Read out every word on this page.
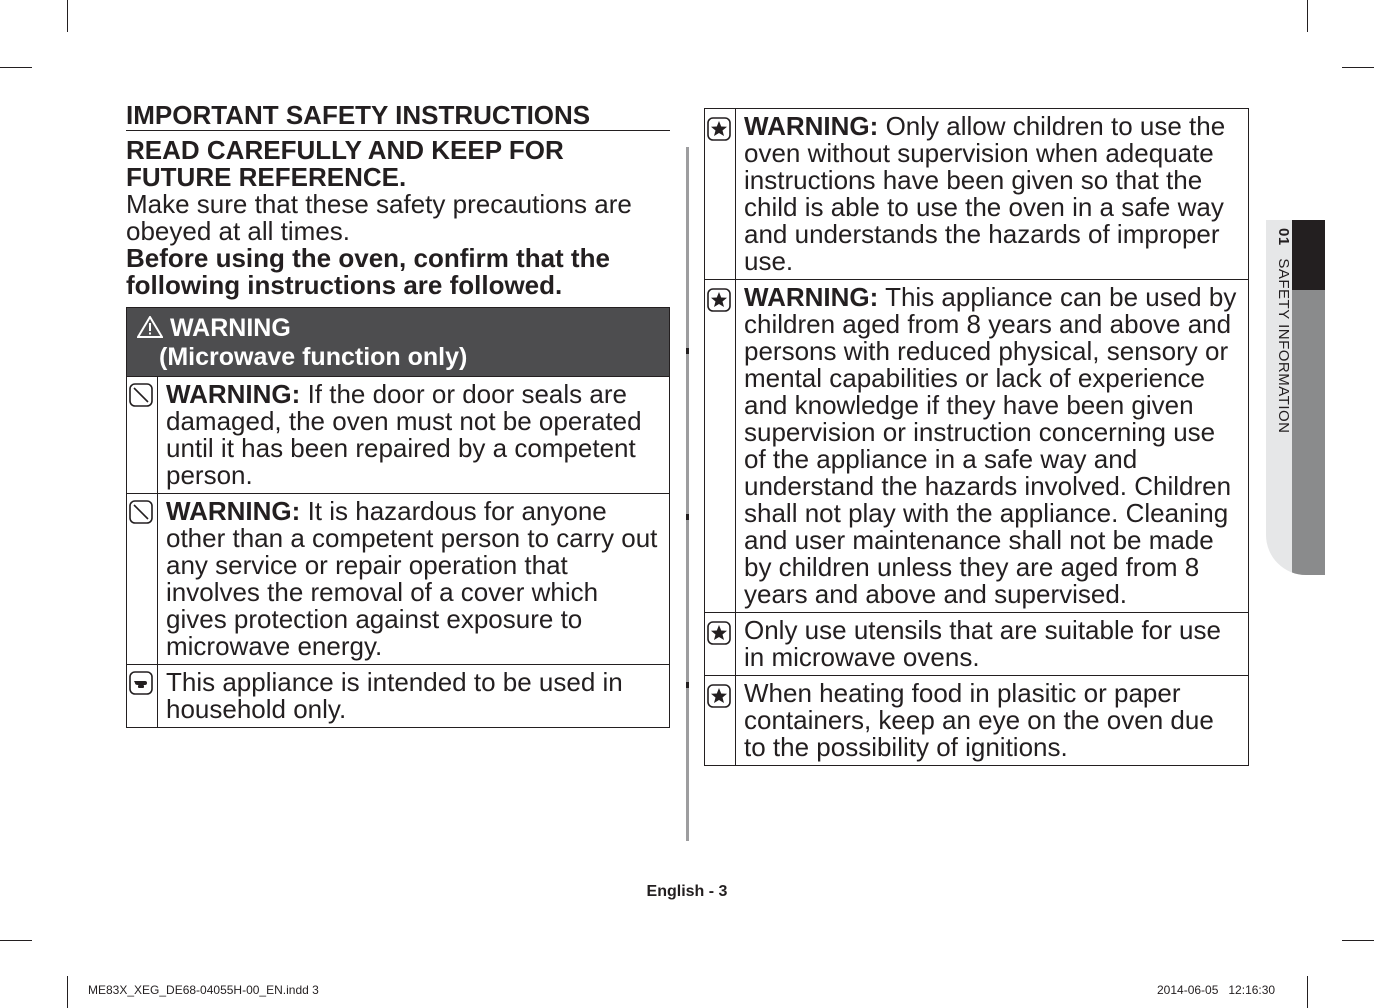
IMPORTANT SAFETY INSTRUCTIONS
READ CAREFULLY AND KEEP FOR FUTURE REFERENCE.
Make sure that these safety precautions are obeyed at all times.
Before using the oven, confirm that the following instructions are followed.
WARNING
(Microwave function only)	

	WARNING: If the door or door seals are damaged, the oven must not be operated until it has been repaired by a competent person.
	WARNING: It is hazardous for anyone other than a competent person to carry out any service or repair operation that involves the removal of a cover which gives protection against exposure to microwave energy.
	This appliance is intended to be used in household only.
	WARNING: Only allow children to use the oven without supervision when adequate instructions have been given so that the child is able to use the oven in a safe way and understands the hazards of improper use.
	WARNING: This appliance can be used by children aged from 8 years and above and persons with reduced physical, sensory or mental capabilities or lack of experience and knowledge if they have been given supervision or instruction concerning use of the appliance in a safe way and understand the hazards involved. Children shall not play with the appliance. Cleaning and user maintenance shall not be made by children unless they are aged from 8 years and above and supervised.
	Only use utensils that are suitable for use in microwave ovens.
	When heating food in plasitic or paper containers, keep an eye on the oven due to the possibility of ignitions.
01 SAFETY INFORMATION
English - 3
ME83X_XEG_DE68-04055H-00_EN.indd 3	2014-06-05   12:16:30
